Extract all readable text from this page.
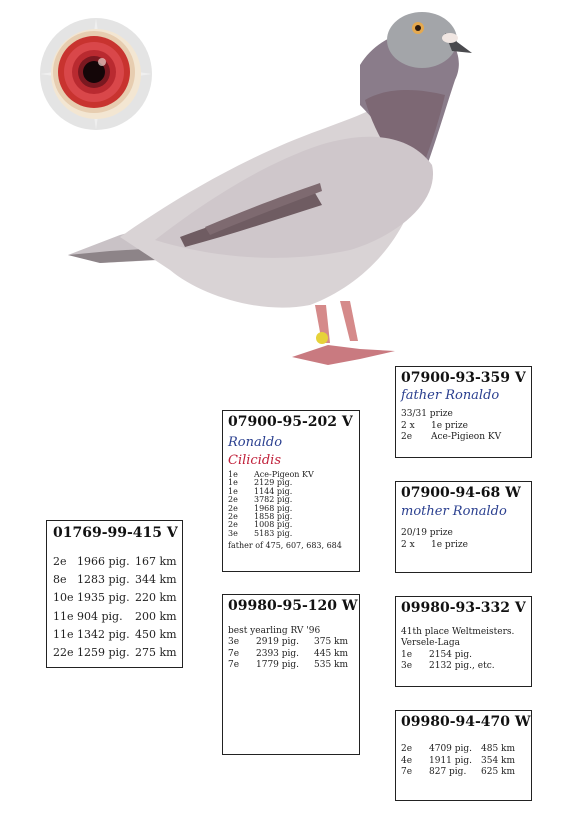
01769-99-415 V
2e 1966 pig. 167 km
8e 1283 pig. 344 km
10e 1935 pig. 220 km
11e 904 pig.	200 km
11e 1342 pig. 450 km
22e 1259 pig. 275 km
07900-95-202 V
Ronaldo
Cilicidis
1e	Ace-Pigeon KV
1e	2129 pig.
1e	1144 pig.
2e	3782 pig.
2e	1968 pig.
2e	1858 pig.
2e	1008 pig.
3e	5183 pig.
father of 475, 607, 683, 684
09980-95-120 W
best yearling RV '96
3e	2919 pig.	375 km
7e	2393 pig.	445 km
7e	1779 pig.	535 km
07900-93-359 V
father Ronaldo
33/31 prize
2 x	1e prize
2e	Ace-Pigieon KV
07900-94-68 W
mother Ronaldo
20/19 prize
2 x	1e prize
09980-93-332 V
41th place Weltmeisters.
Versele-Laga
1e	2154 pig.
3e	2132 pig., etc.
09980-94-470 W
2e	4709 pig. 485 km
4e	1911 pig. 354 km
7e	827 pig.	625 km
